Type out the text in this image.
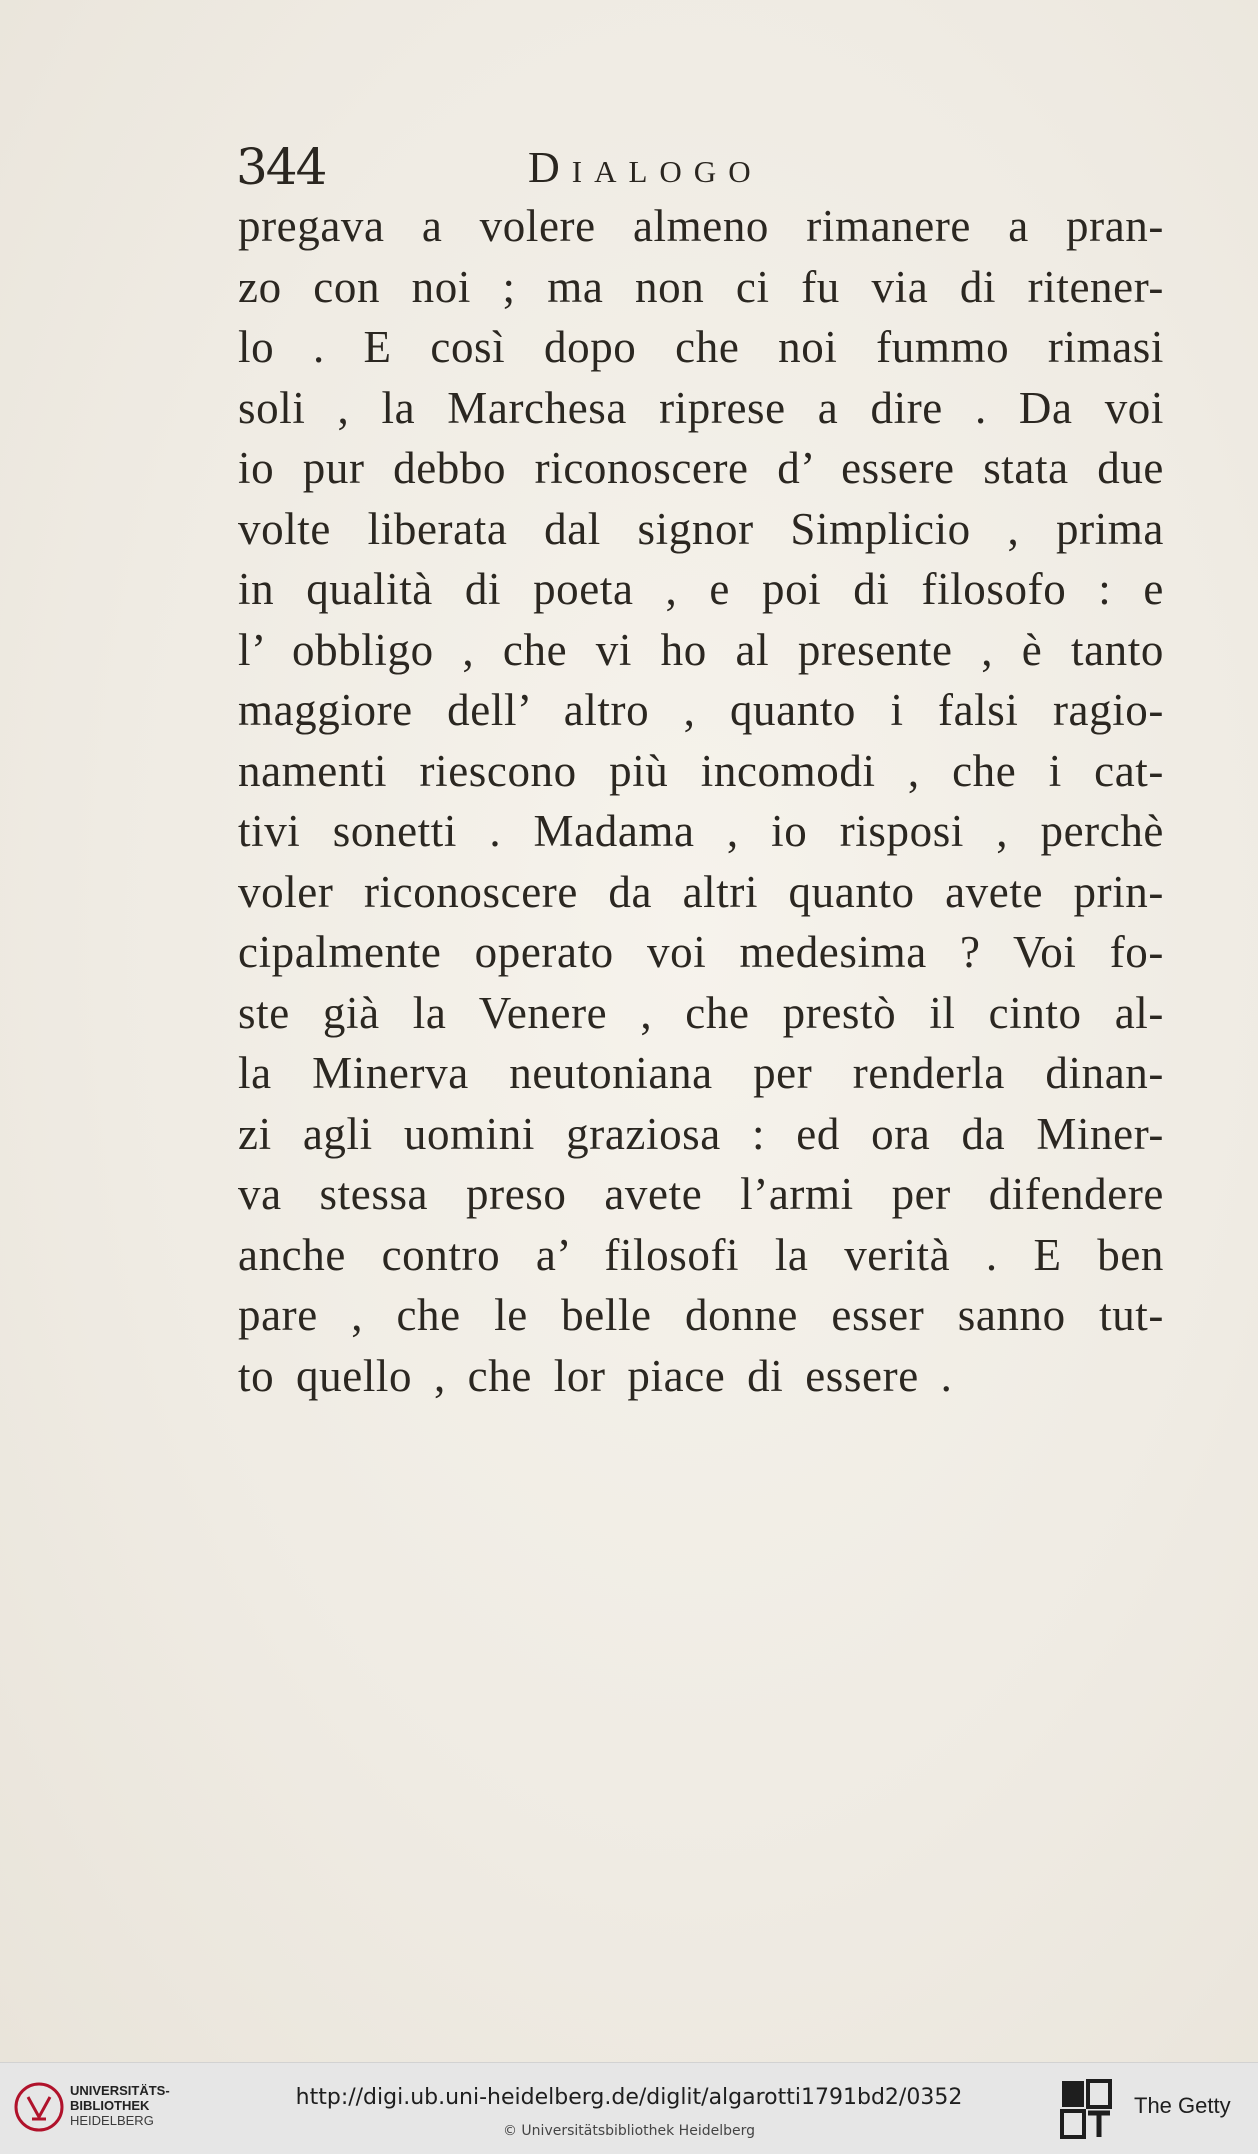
344	Dialogo
pregava a volere almeno rimanere a pran-
zo con noi ; ma non ci fu via di ritener-
lo . E così dopo che noi fummo rimasi
soli , la Marchesa riprese a dire . Da voi
io pur debbo riconoscere d’ essere stata due
volte liberata dal signor Simplicio , prima
in qualità di poeta , e poi di filosofo : e
l’ obbligo , che vi ho al presente , è tanto
maggiore dell’ altro , quanto i falsi ragio-
namenti riescono più incomodi , che i cat-
tivi sonetti . Madama , io risposi , perchè
voler riconoscere da altri quanto avete prin-
cipalmente operato voi medesima ? Voi fo-
ste già la Venere , che prestò il cinto al-
la Minerva neutoniana per renderla dinan-
zi agli uomini graziosa : ed ora da Miner-
va stessa preso avete l’armi per difendere
anche contro a’ filosofi la verità . E ben
pare , che le belle donne esser sanno tut-
to quello , che lor piace di essere .
UNIVERSITÄTS-
BIBLIOTHEK
HEIDELBERG
http://digi.ub.uni-heidelberg.de/diglit/algarotti1791bd2/0352
© Universitätsbibliothek Heidelberg
The Getty
